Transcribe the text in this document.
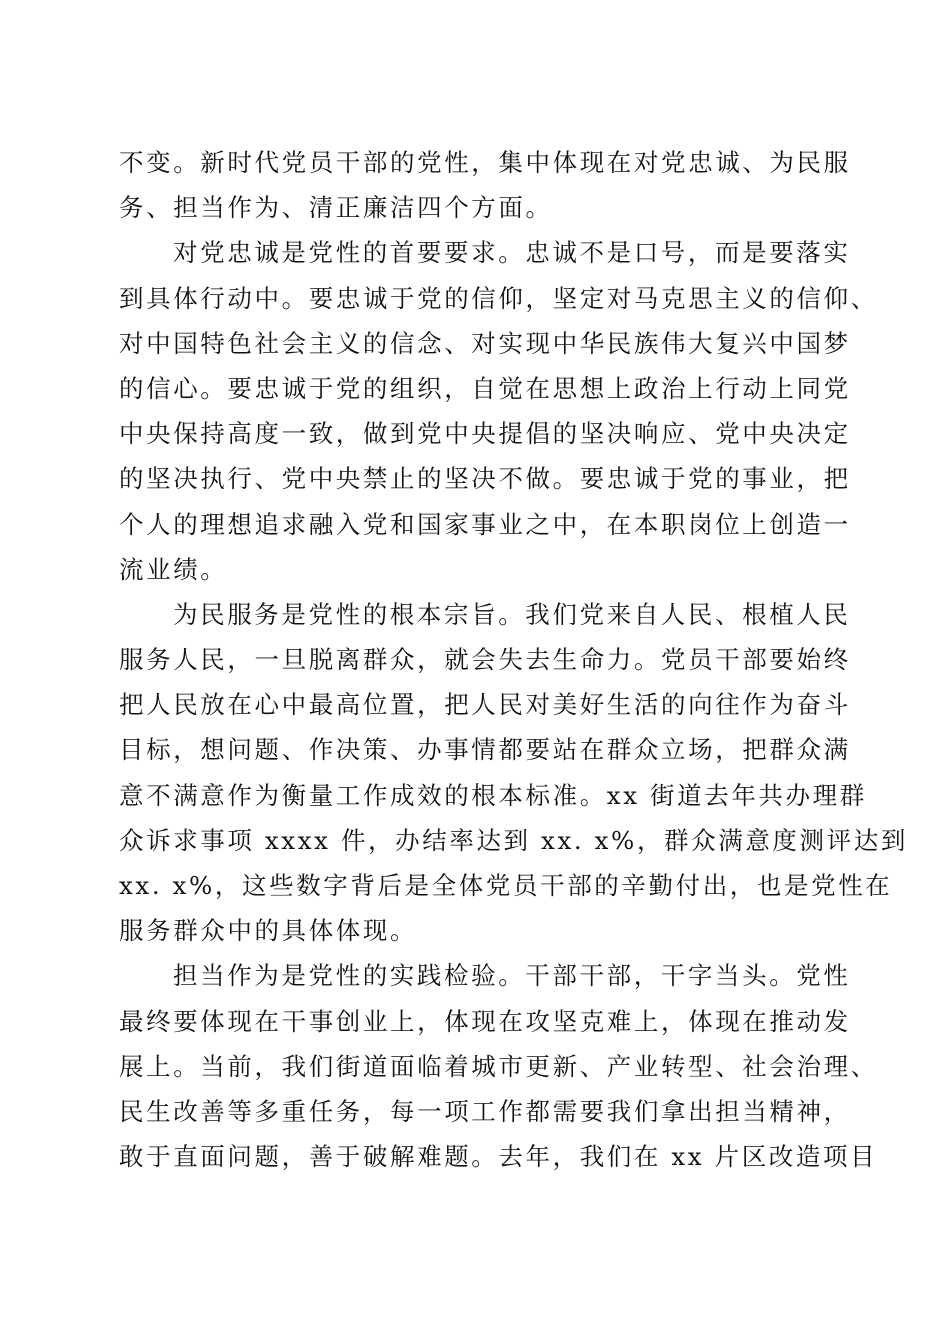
不变。新时代党员干部的党性，集中体现在对党忠诚、为民服
务、担当作为、清正廉洁四个方面。
对党忠诚是党性的首要要求。忠诚不是口号，而是要落实
到具体行动中。要忠诚于党的信仰，坚定对马克思主义的信仰、
对中国特色社会主义的信念、对实现中华民族伟大复兴中国梦
的信心。要忠诚于党的组织，自觉在思想上政治上行动上同党
中央保持高度一致，做到党中央提倡的坚决响应、党中央决定
的坚决执行、党中央禁止的坚决不做。要忠诚于党的事业，把
个人的理想追求融入党和国家事业之中，在本职岗位上创造一
流业绩。
为民服务是党性的根本宗旨。我们党来自人民、根植人民
服务人民，一旦脱离群众，就会失去生命力。党员干部要始终
把人民放在心中最高位置，把人民对美好生活的向往作为奋斗
目标，想问题、作决策、办事情都要站在群众立场，把群众满
意不满意作为衡量工作成效的根本标准。xx 街道去年共办理群
众诉求事项 xxxx 件，办结率达到 xx. x%，群众满意度测评达到
xx. x%，这些数字背后是全体党员干部的辛勤付出，也是党性在
服务群众中的具体体现。
担当作为是党性的实践检验。干部干部，干字当头。党性
最终要体现在干事创业上，体现在攻坚克难上，体现在推动发
展上。当前，我们街道面临着城市更新、产业转型、社会治理、
民生改善等多重任务，每一项工作都需要我们拿出担当精神，
敢于直面问题，善于破解难题。去年，我们在 xx 片区改造项目
